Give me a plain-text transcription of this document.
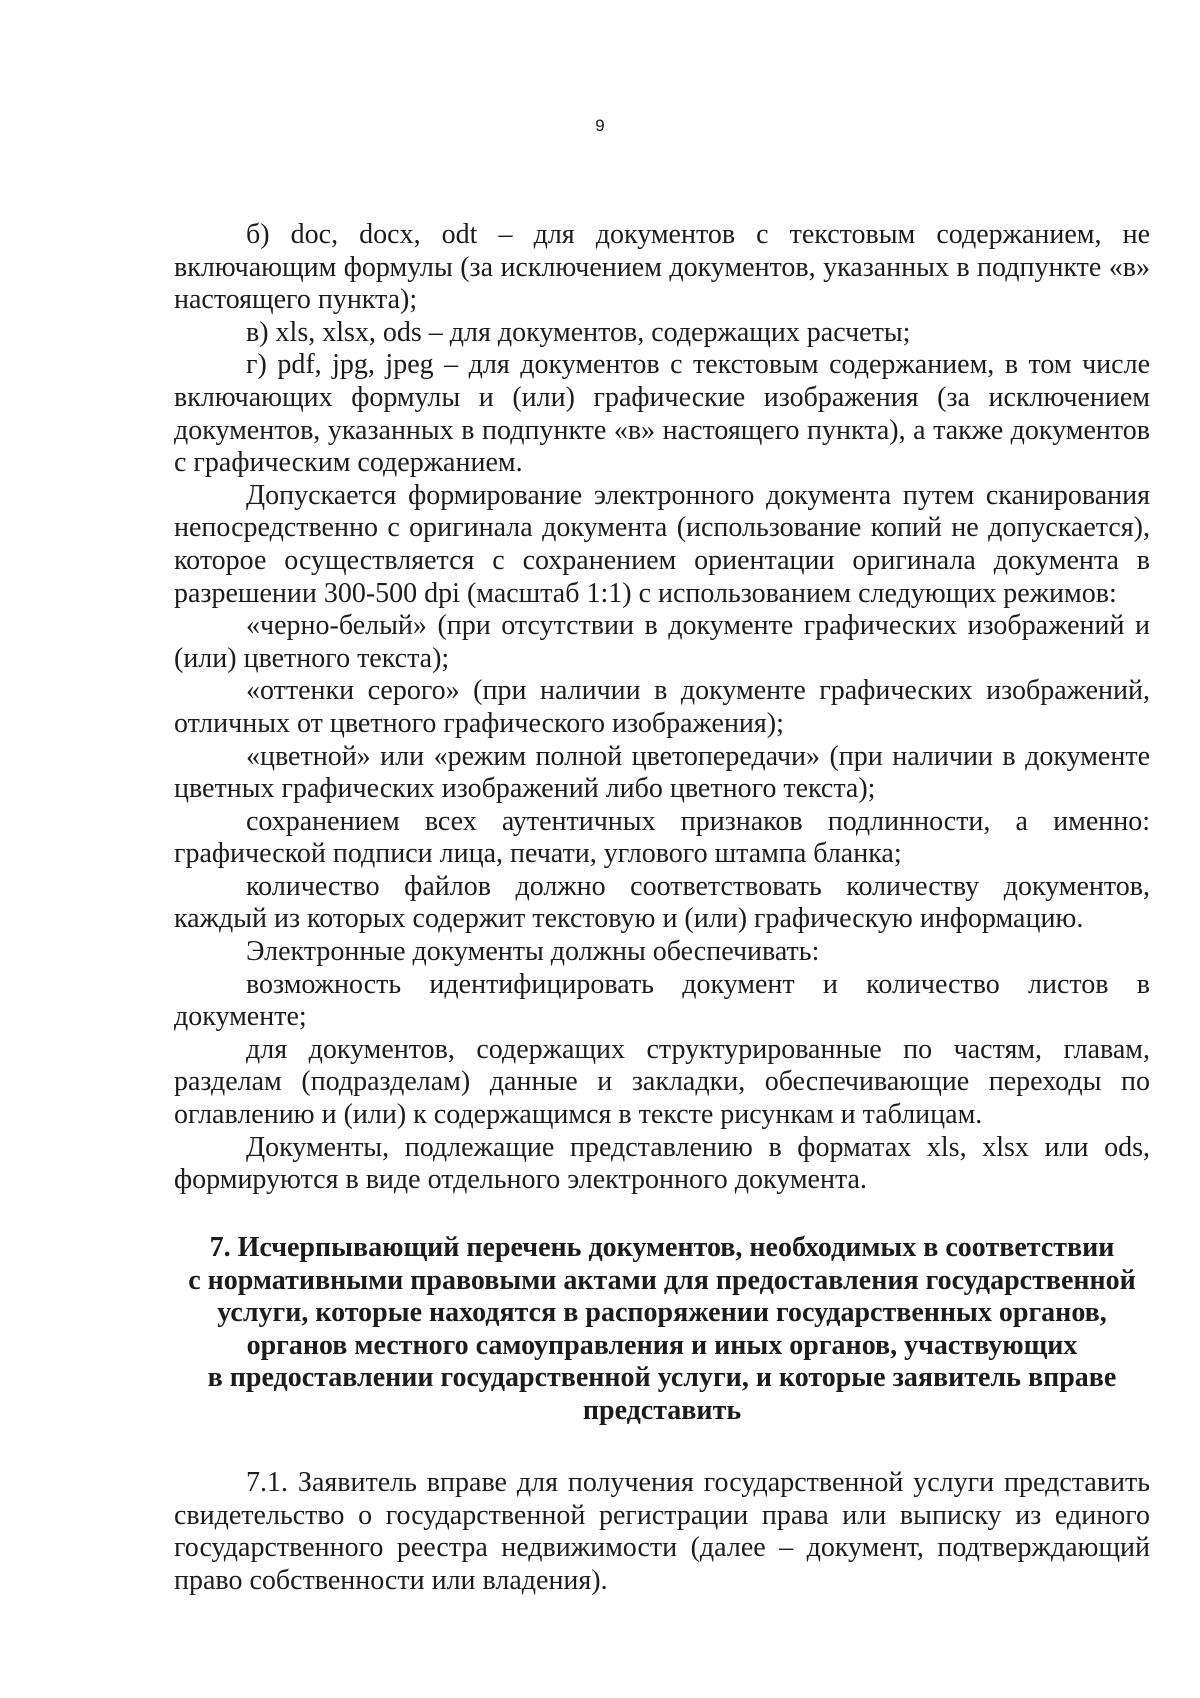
9

б) doc, docx, odt – для документов с текстовым содержанием, не включающим формулы (за исключением документов, указанных в подпункте «в» настоящего пункта);

в) xls, xlsx, ods – для документов, содержащих расчеты;

г) pdf, jpg, jpeg – для документов с текстовым содержанием, в том числе включающих формулы и (или) графические изображения (за исключением документов, указанных в подпункте «в» настоящего пункта), а также документов с графическим содержанием.

Допускается формирование электронного документа путем сканирования непосредственно с оригинала документа (использование копий не допускается), которое осуществляется с сохранением ориентации оригинала документа в разрешении 300-500 dpi (масштаб 1:1) с использованием следующих режимов:

«черно-белый» (при отсутствии в документе графических изображений и (или) цветного текста);

«оттенки серого» (при наличии в документе графических изображений, отличных от цветного графического изображения);

«цветной» или «режим полной цветопередачи» (при наличии в документе цветных графических изображений либо цветного текста);

сохранением всех аутентичных признаков подлинности, а именно: графической подписи лица, печати, углового штампа бланка;

количество файлов должно соответствовать количеству документов, каждый из которых содержит текстовую и (или) графическую информацию.

Электронные документы должны обеспечивать:

возможность идентифицировать документ и количество листов в документе;

для документов, содержащих структурированные по частям, главам, разделам (подразделам) данные и закладки, обеспечивающие переходы по оглавлению и (или) к содержащимся в тексте рисункам и таблицам.

Документы, подлежащие представлению в форматах xls, xlsx или ods, формируются в виде отдельного электронного документа.

7. Исчерпывающий перечень документов, необходимых в соответствии
с нормативными правовыми актами для предоставления государственной
услуги, которые находятся в распоряжении государственных органов,
органов местного самоуправления и иных органов, участвующих
в предоставлении государственной услуги, и которые заявитель вправе
представить

7.1. Заявитель вправе для получения государственной услуги представить свидетельство о государственной регистрации права или выписку из единого государственного реестра недвижимости (далее – документ, подтверждающий право собственности или владения).
